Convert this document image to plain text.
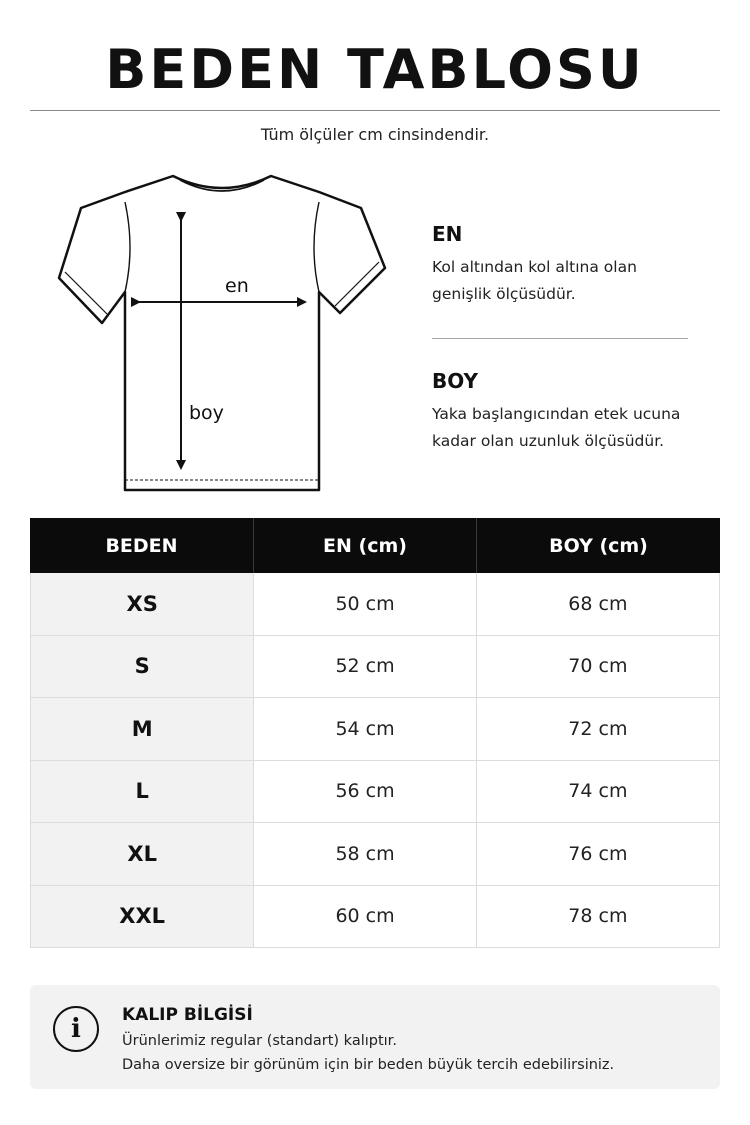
BEDEN TABLOSU
Tüm ölçüler cm cinsindendir.
en
boy
EN
Kol altından kol altına olan
genişlik ölçüsüdür.
BOY
Yaka başlangıcından etek ucuna
kadar olan uzunluk ölçüsüdür.
BEDEN	EN (cm)	BOY (cm)
XS	50 cm	68 cm
S	52 cm	70 cm
M	54 cm	72 cm
L	56 cm	74 cm
XL	58 cm	76 cm
XXL	60 cm	78 cm
i	KALIP BİLGİSİ
Ürünlerimiz regular (standart) kalıptır.
Daha oversize bir görünüm için bir beden büyük tercih edebilirsiniz.
